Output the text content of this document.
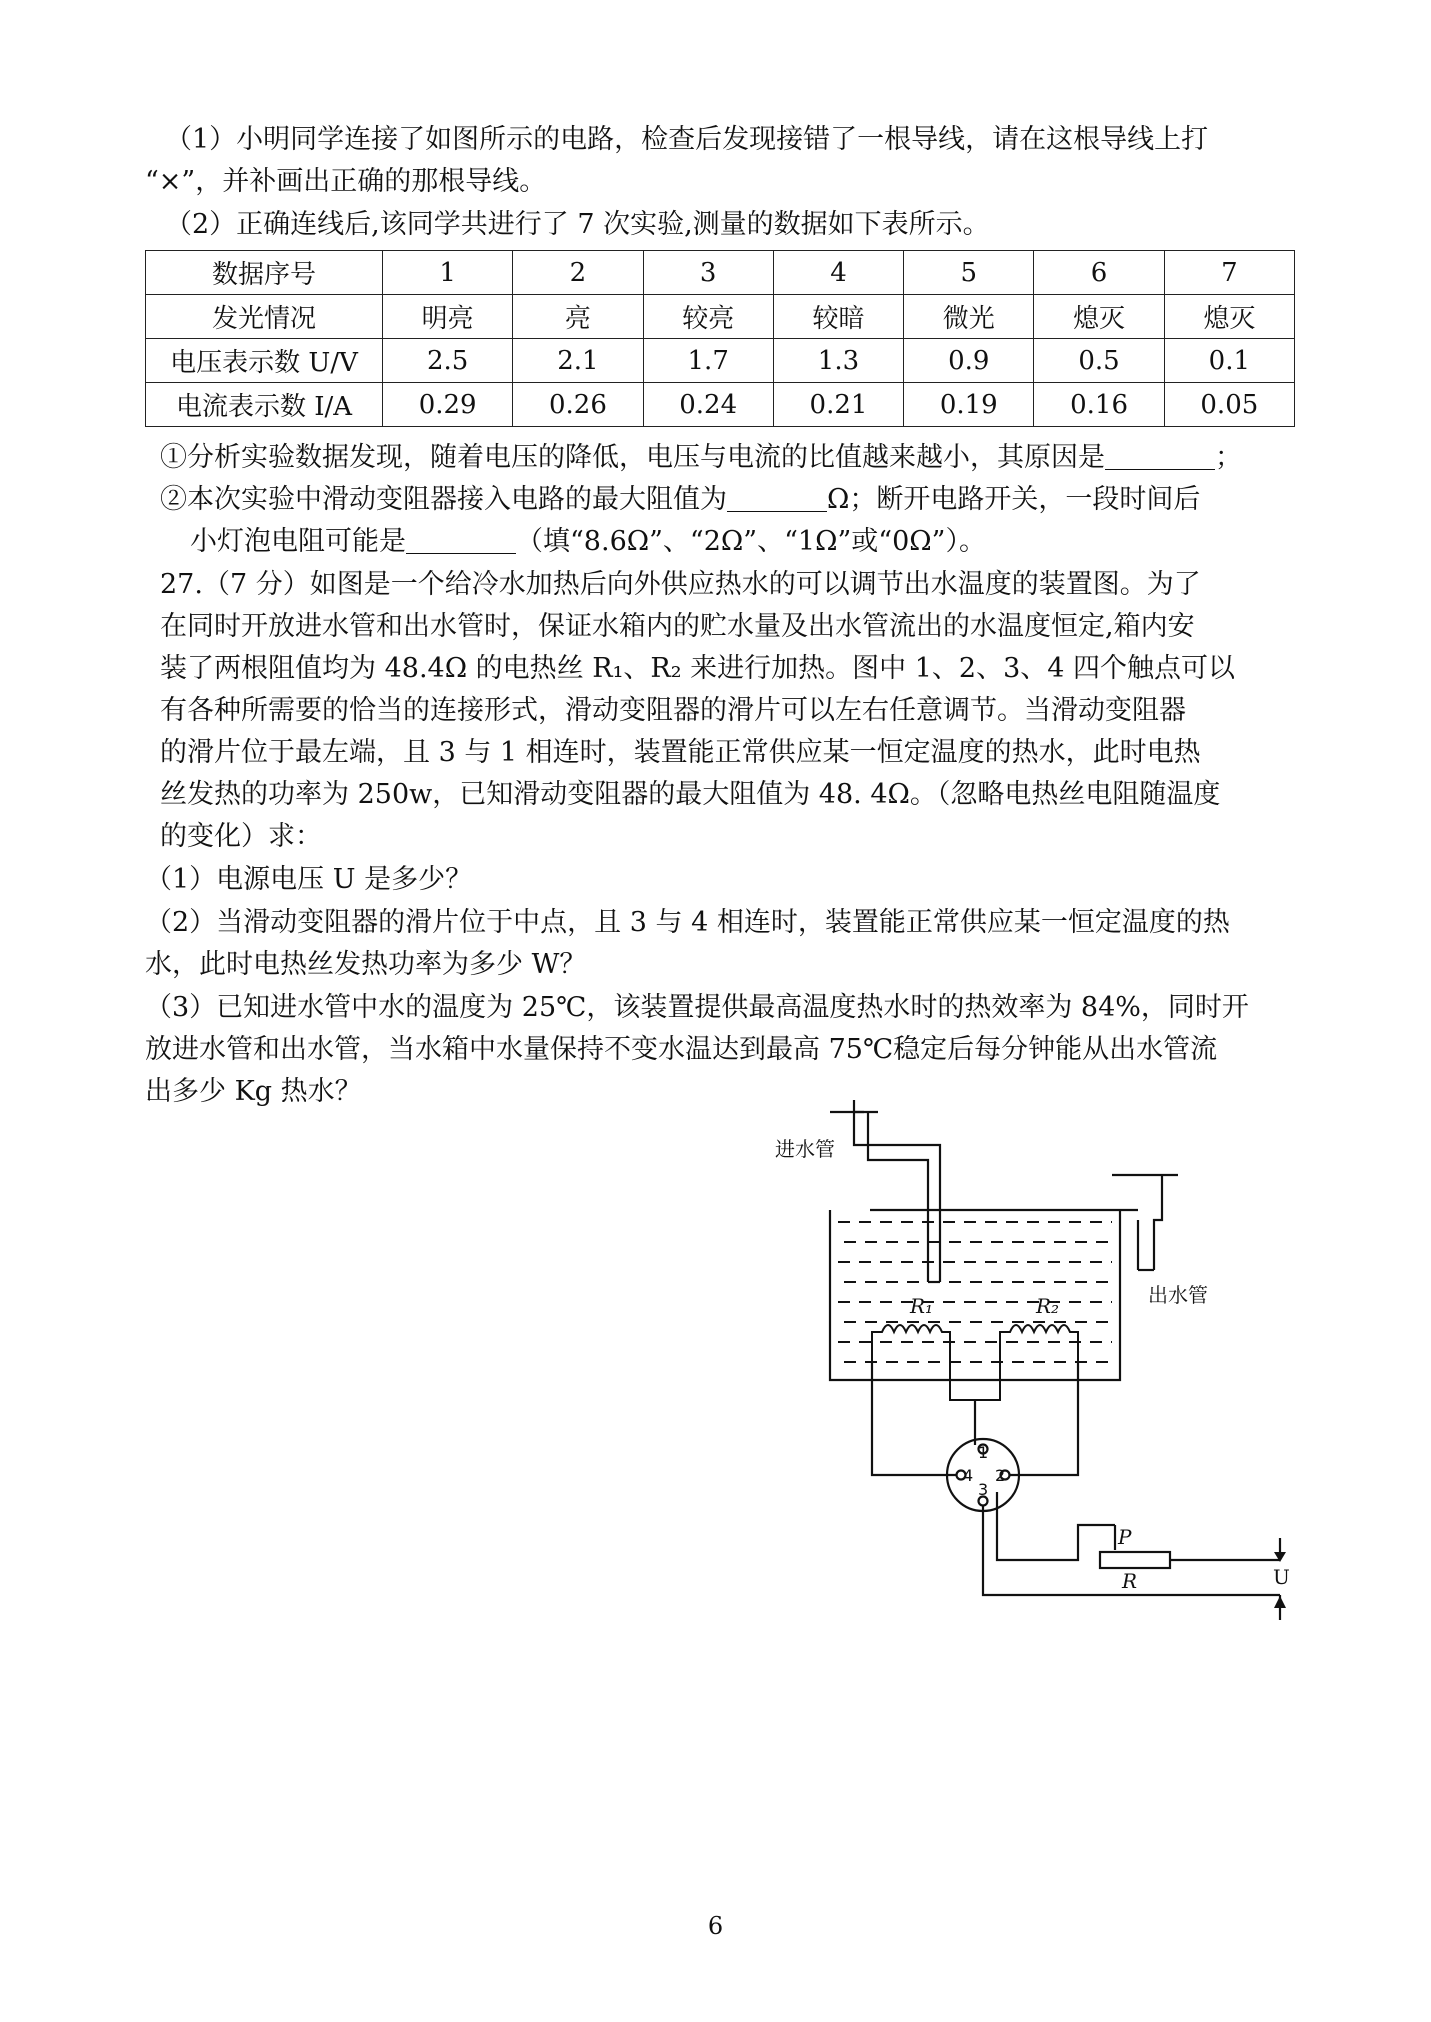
（1）小明同学连接了如图所示的电路，检查后发现接错了一根导线，请在这根导线上打
“×”，并补画出正确的那根导线。
（2）正确连线后,该同学共进行了 7 次实验,测量的数据如下表所示。
数据序号	1	2	3	4	5	6	7
发光情况	明亮	亮	较亮	较暗	微光	熄灭	熄灭
电压表示数 U/V	2.5	2.1	1.7	1.3	0.9	0.5	0.1
电流表示数 I/A	0.29	0.26	0.24	0.21	0.19	0.16	0.05
①分析实验数据发现，随着电压的降低，电压与电流的比值越来越小，其原因是	；
②本次实验中滑动变阻器接入电路的最大阻值为	Ω；断开电路开关，一段时间后
小灯泡电阻可能是	（填“8.6Ω”、“2Ω”、“1Ω”或“0Ω”）。
27.（7 分）如图是一个给冷水加热后向外供应热水的可以调节出水温度的装置图。为了
在同时开放进水管和出水管时，保证水箱内的贮水量及出水管流出的水温度恒定,箱内安
装了两根阻值均为 48.4Ω 的电热丝 R₁、R₂ 来进行加热。图中 1、2、3、4 四个触点可以
有各种所需要的恰当的连接形式，滑动变阻器的滑片可以左右任意调节。当滑动变阻器
的滑片位于最左端，且 3 与 1 相连时，装置能正常供应某一恒定温度的热水，此时电热
丝发热的功率为 250w，已知滑动变阻器的最大阻值为 48. 4Ω。（忽略电热丝电阻随温度
的变化）求：
（1）电源电压 U 是多少？
（2）当滑动变阻器的滑片位于中点，且 3 与 4 相连时，装置能正常供应某一恒定温度的热
水，此时电热丝发热功率为多少 W？
（3）已知进水管中水的温度为 25℃，该装置提供最高温度热水时的热效率为 84%，同时开
放进水管和出水管，当水箱中水量保持不变水温达到最高 75℃稳定后每分钟能从出水管流
出多少 Kg 热水？
R₁	R₂
P
R	U
1
2
3
4
进水管
出水管
6
